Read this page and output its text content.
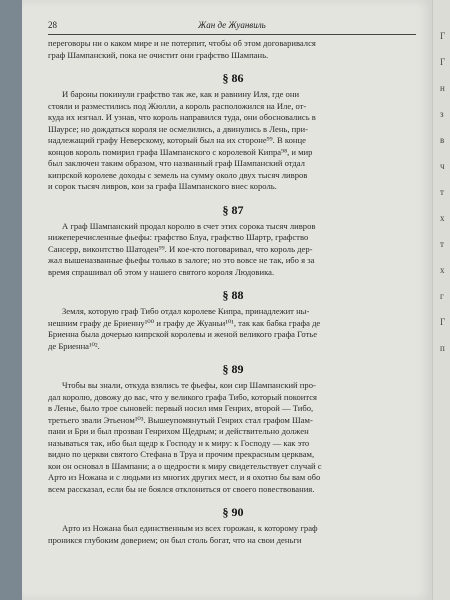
Г
Г
н
з
в
ч
т
х
т
х
г
Г
п
28	Жан де Жуанвиль

переговоры ни о каком мире и не потерпит, чтобы об этом договаривался
граф Шампанский, пока не очистит они графство Шампань.

§ 86

И бароны покинули графство так же, как и равнину Иля, где они
стояли и разместились под Жюлли, а король расположился на Иле, от-
куда их изгнал. И узнав, что король направился туда, они обосновались в
Шаурсе; но дождаться короля не осмелились, а двинулись в Лень, при-
надлежащий графу Неверскому, который был на их стороне⁹⁹. В конце
концов король помирил графа Шампанского с королевой Кипра⁹⁸, и мир
был заключен таким образом, что названный граф Шампанский отдал
кипрской королеве доходы с земель на сумму около двух тысяч ливров
и сорок тысяч ливров, кои за графа Шампанского внес король.

§ 87

А граф Шампанский продал королю в счет этих сорока тысяч ливров
нижеперечисленные фьефы: графство Блуа, графство Шартр, графство
Сансерр, виконтство Шатоден⁹⁹. И кое-кто поговаривал, что король дер-
жал вышеназванные фьефы только в залоге; но это вовсе не так, ибо я за
время спрашивал об этом у нашего святого короля Людовика.

§ 88

Земля, которую граф Тибо отдал королеве Кипра, принадлежит ны-
нешним графу де Бриенну¹⁰⁰ и графу де Жуаньи¹⁰¹, так как бабка графа де
Бриенна была дочерью кипрской королевы и женой великого графа Готье
де Бриенна¹⁰².

§ 89

Чтобы вы знали, откуда взялись те фьефы, кои сир Шампанский про-
дал королю, довожу до вас, что у великого графа Тибо, который покоится
в Ленье, было трое сыновей: первый носил имя Генрих, второй — Тибо,
третьего звали Этьеном¹⁰³. Вышеупомянутый Генрих стал графом Шам-
пани и Бри и был прозван Генрихом Щедрым; и действительно должен
называться так, ибо был щедр к Господу и к миру: к Господу — как это
видно по церкви святого Стефана в Труа и прочим прекрасным церквам,
кои он основал в Шампани; а о щедрости к миру свидетельствует случай с
Арто из Ножана и с людьми из многих других мест, и я охотно бы вам обо
всем рассказал, если бы не боялся отклониться от своего повествования.

§ 90

Арто из Ножана был единственным из всех горожан, к которому граф
проникся глубоким доверием; он был столь богат, что на свои деньги
